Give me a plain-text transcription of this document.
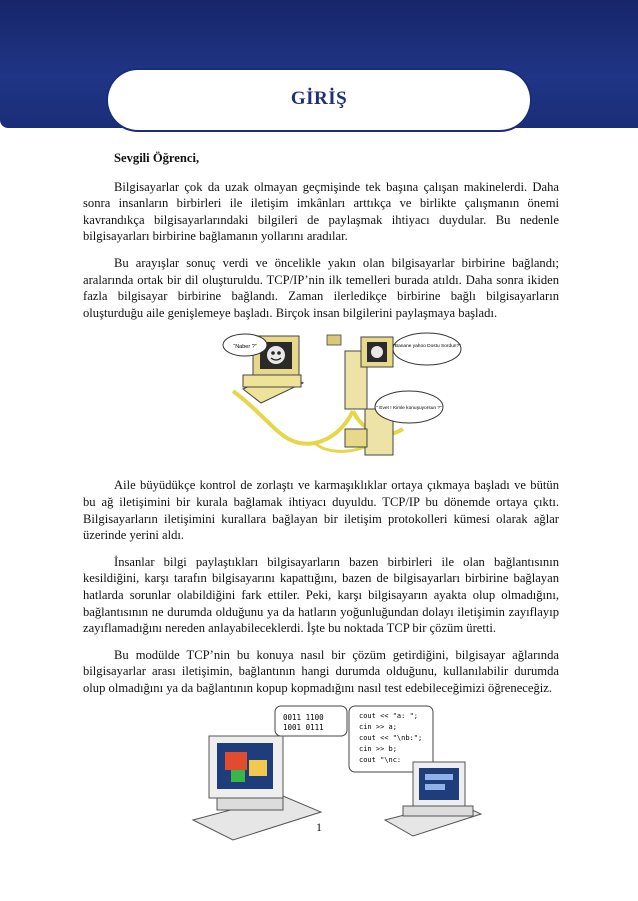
GİRİŞ

Sevgili Öğrenci,

Bilgisayarlar çok da uzak olmayan geçmişinde tek başına çalışan makinelerdi. Daha sonra insanların birbirleri ile iletişim imkânları arttıkça ve birlikte çalışmanın önemi kavrandıkça bilgisayarlarındaki bilgileri de paylaşmak ihtiyacı duydular. Bu nedenle bilgisayarları birbirine bağlamanın yollarını aradılar.

Bu arayışlar sonuç verdi ve öncelikle yakın olan bilgisayarlar birbirine bağlandı; aralarında ortak bir dil oluşturuldu. TCP/IP’nin ilk temelleri burada atıldı. Daha sonra ikiden fazla bilgisayar birbirine bağlandı. Zaman ilerledikçe birbirine bağlı bilgisayarların oluşturduğu aile genişlemeye başladı. Birçok insan bilgilerini paylaşmaya başladı.

“Naber ?”	“Banane yahoo Dostu Sordun?”
“ Evet ! Kimle konuşuyorsun ?”

Aile büyüdükçe kontrol de zorlaştı ve karmaşıklıklar ortaya çıkmaya başladı ve bütün bu ağ iletişimini bir kurala bağlamak ihtiyacı duyuldu. TCP/IP bu dönemde ortaya çıktı. Bilgisayarların iletişimini kurallara bağlayan bir iletişim protokolleri kümesi olarak ağlar üzerinde yerini aldı.

İnsanlar bilgi paylaştıkları bilgisayarların bazen birbirleri ile olan bağlantısının kesildiğini, karşı tarafın bilgisayarını kapattığını, bazen de bilgisayarları birbirine bağlayan hatlarda sorunlar olabildiğini fark ettiler. Peki, karşı bilgisayarın ayakta olup olmadığını, bağlantısının ne durumda olduğunu ya da hatların yoğunluğundan dolayı iletişimin zayıflayıp zayıflamadığını nereden anlayabileceklerdi. İşte bu noktada TCP bir çözüm üretti.

Bu modülde TCP’nin bu konuya nasıl bir çözüm getirdiğini, bilgisayar ağlarında bilgisayarlar arası iletişimin, bağlantının hangi durumda olduğunu, kullanılabilir durumda olup olmadığını ya da bağlantının kopup kopmadığını nasıl test edebileceğimizi öğreneceğiz.

0011 1100
1001 0111
cout << "a: ";
cin >> a;
cout << "\nb:";
cin >> b;
cout "\nc:
1
